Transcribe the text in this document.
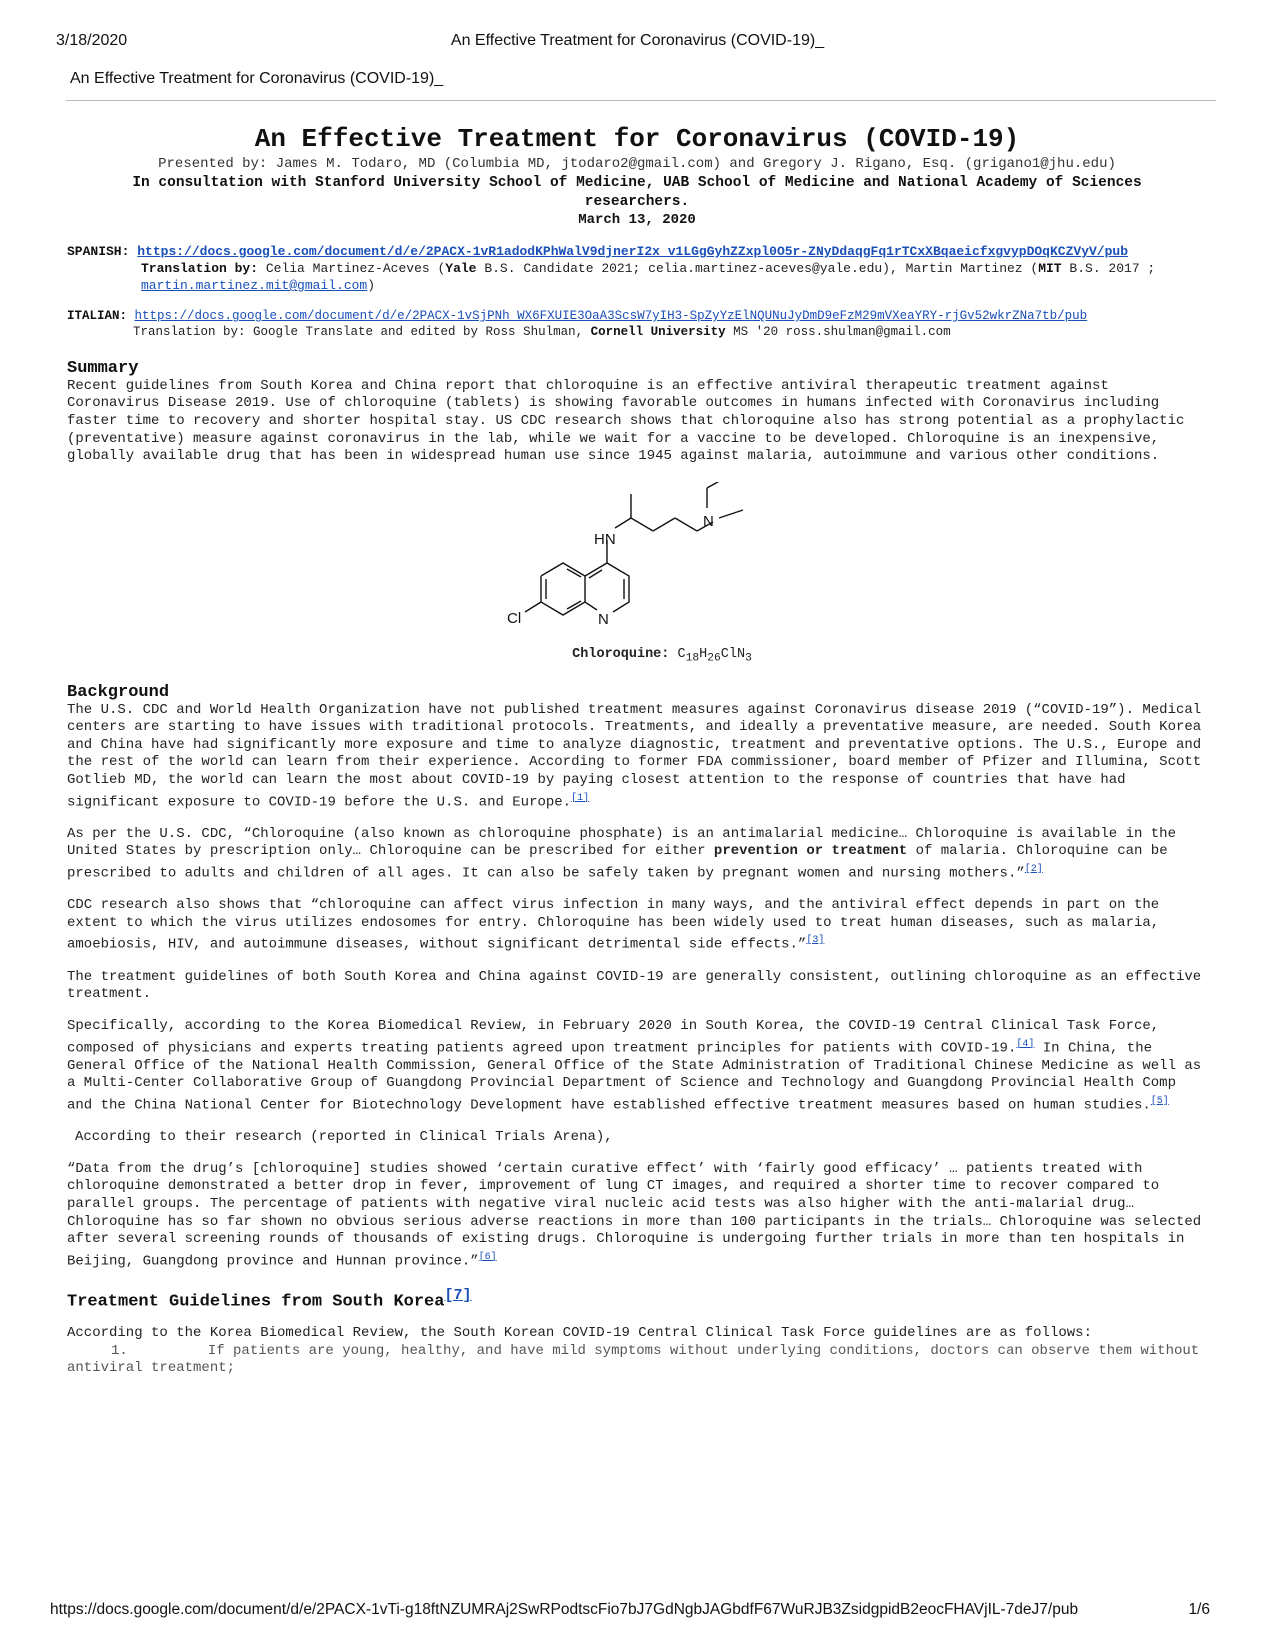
3/18/2020	An Effective Treatment for Coronavirus (COVID-19)_
An Effective Treatment for Coronavirus (COVID-19)_
An Effective Treatment for Coronavirus (COVID-19)

Presented by: James M. Todaro, MD (Columbia MD, jtodaro2@gmail.com) and Gregory J. Rigano, Esq. (grigano1@jhu.edu)

In consultation with Stanford University School of Medicine, UAB School of Medicine and National Academy of Sciences researchers.

March 13, 2020

SPANISH: https://docs.google.com/document/d/e/2PACX-1vR1adodKPhWalV9djnerI2x_v1LGgGyhZZxpl0O5r-ZNyDdaqgFq1rTCxXBqaeicfxgvypDOqKCZVyV/pub
Translation by: Celia Martinez-Aceves (Yale B.S. Candidate 2021; celia.martinez-aceves@yale.edu), Martin Martinez (MIT B.S. 2017 ; martin.martinez.mit@gmail.com)
ITALIAN: https://docs.google.com/document/d/e/2PACX-1vSjPNh_WX6FXUIE3OaA3ScsW7yIH3-SpZyYzElNQUNuJyDmD9eFzM29mVXeaYRY-rjGv52wkrZNa7tb/pub
Translation by: Google Translate and edited by Ross Shulman, Cornell University MS '20 ross.shulman@gmail.com
Summary

Recent guidelines from South Korea and China report that chloroquine is an effective antiviral therapeutic treatment against Coronavirus Disease 2019. Use of chloroquine (tablets) is showing favorable outcomes in humans infected with Coronavirus including faster time to recovery and shorter hospital stay. US CDC research shows that chloroquine also has strong potential as a prophylactic (preventative) measure against coronavirus in the lab, while we wait for a vaccine to be developed. Chloroquine is an inexpensive, globally available drug that has been in widespread human use since 1945 against malaria, autoimmune and various other conditions.

HN
N
Cl	N

Chloroquine: $C_{18}H_{26}ClN_3$

Background

The U.S. CDC and World Health Organization have not published treatment measures against Coronavirus disease 2019 (“COVID-19”). Medical centers are starting to have issues with traditional protocols. Treatments, and ideally a preventative measure, are needed. South Korea and China have had significantly more exposure and time to analyze diagnostic, treatment and preventative options. The U.S., Europe and the rest of the world can learn from their experience. According to former FDA commissioner, board member of Pfizer and Illumina, Scott Gotlieb MD, the world can learn the most about COVID-19 by paying closest attention to the response of countries that have had significant exposure to COVID-19 before the U.S. and Europe.[1]

As per the U.S. CDC, “Chloroquine (also known as chloroquine phosphate) is an antimalarial medicine… Chloroquine is available in the United States by prescription only… Chloroquine can be prescribed for either prevention or treatment of malaria. Chloroquine can be prescribed to adults and children of all ages. It can also be safely taken by pregnant women and nursing mothers.”[2]

CDC research also shows that “chloroquine can affect virus infection in many ways, and the antiviral effect depends in part on the extent to which the virus utilizes endosomes for entry. Chloroquine has been widely used to treat human diseases, such as malaria, amoebiosis, HIV, and autoimmune diseases, without significant detrimental side effects.”[3]

The treatment guidelines of both South Korea and China against COVID-19 are generally consistent, outlining chloroquine as an effective treatment.

Specifically, according to the Korea Biomedical Review, in February 2020 in South Korea, the COVID-19 Central Clinical Task Force, composed of physicians and experts treating patients agreed upon treatment principles for patients with COVID-19.[4] In China, the General Office of the National Health Commission, General Office of the State Administration of Traditional Chinese Medicine as well as a Multi-Center Collaborative Group of Guangdong Provincial Department of Science and Technology and Guangdong Provincial Health Comp and the China National Center for Biotechnology Development have established effective treatment measures based on human studies.[5]

According to their research (reported in Clinical Trials Arena),

“Data from the drug’s [chloroquine] studies showed ‘certain curative effect’ with ‘fairly good efficacy’ … patients treated with chloroquine demonstrated a better drop in fever, improvement of lung CT images, and required a shorter time to recover compared to parallel groups. The percentage of patients with negative viral nucleic acid tests was also higher with the anti-malarial drug… Chloroquine has so far shown no obvious serious adverse reactions in more than 100 participants in the trials… Chloroquine was selected after several screening rounds of thousands of existing drugs. Chloroquine is undergoing further trials in more than ten hospitals in Beijing, Guangdong province and Hunnan province.”[6]

Treatment Guidelines from South Korea[7]

According to the Korea Biomedical Review, the South Korean COVID-19 Central Clinical Task Force guidelines are as follows:

1.	If patients are young, healthy, and have mild symptoms without underlying conditions, doctors can observe them without antiviral treatment;

https://docs.google.com/document/d/e/2PACX-1vTi-g18ftNZUMRAj2SwRPodtscFio7bJ7GdNgbJAGbdfF67WuRJB3ZsidgpidB2eocFHAVjIL-7deJ7/pub	1/6
